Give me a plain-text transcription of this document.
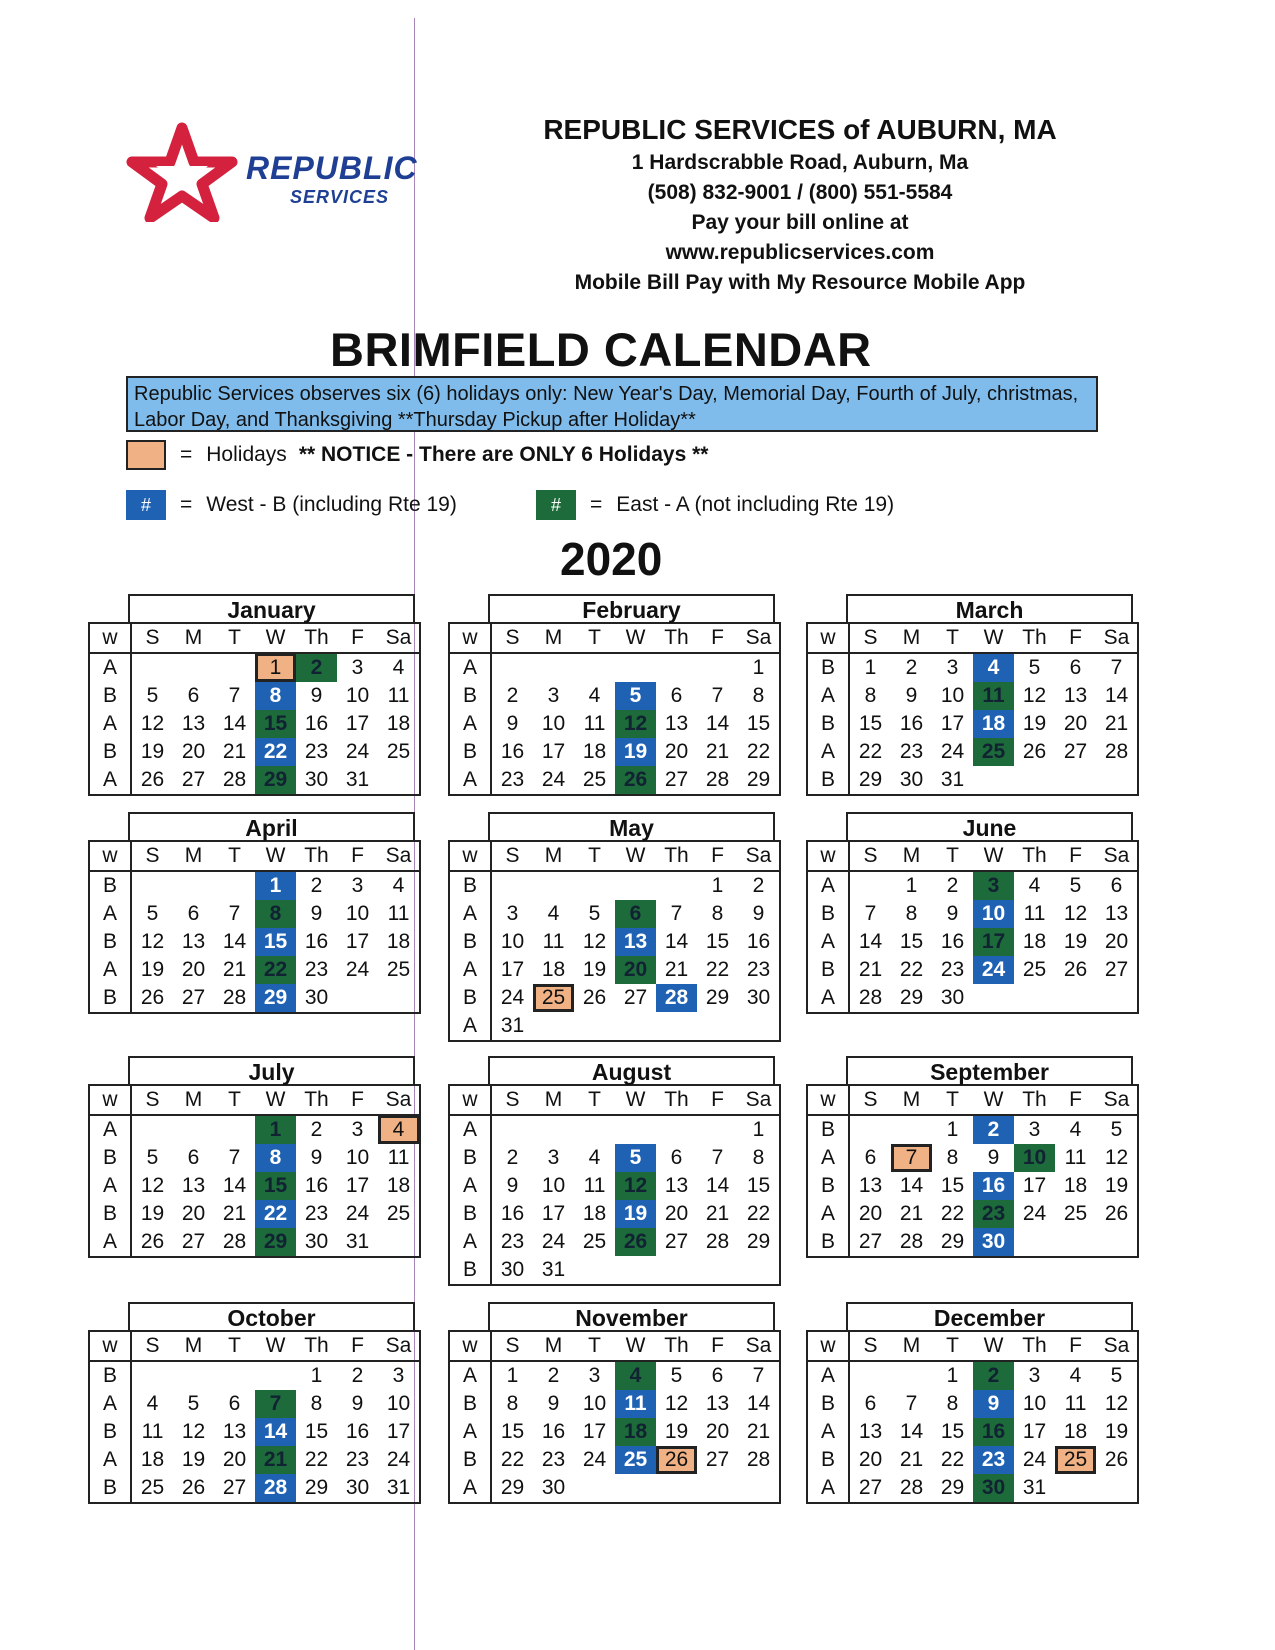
REPUBLIC
SERVICES
REPUBLIC SERVICES of AUBURN, MA
1 Hardscrabble Road, Auburn, Ma
(508) 832-9001 / (800) 551-5584
Pay your bill online at
www.republicservices.com
Mobile Bill Pay with My Resource Mobile App
BRIMFIELD CALENDAR
Republic Services observes six (6) holidays only: New Year's Day, Memorial Day, Fourth of July, christmas, Labor Day, and Thanksgiving **Thursday Pickup after Holiday**
= Holidays ** NOTICE - There are ONLY 6 Holidays **
#	= West - B (including Rte 19)	#	= East - A (not including Rte 19)
2020
January
w	S	M	T	W	Th	F	Sa
A				1	2	3	4
B	5	6	7	8	9	10	11
A	12	13	14	15	16	17	18
B	19	20	21	22	23	24	25
A	26	27	28	29	30	31	
February
w	S	M	T	W	Th	F	Sa
A							1
B	2	3	4	5	6	7	8
A	9	10	11	12	13	14	15
B	16	17	18	19	20	21	22
A	23	24	25	26	27	28	29
March
w	S	M	T	W	Th	F	Sa
B	1	2	3	4	5	6	7
A	8	9	10	11	12	13	14
B	15	16	17	18	19	20	21
A	22	23	24	25	26	27	28
B	29	30	31				
April
w	S	M	T	W	Th	F	Sa
B				1	2	3	4
A	5	6	7	8	9	10	11
B	12	13	14	15	16	17	18
A	19	20	21	22	23	24	25
B	26	27	28	29	30		
May
w	S	M	T	W	Th	F	Sa
B						1	2
A	3	4	5	6	7	8	9
B	10	11	12	13	14	15	16
A	17	18	19	20	21	22	23
B	24	25	26	27	28	29	30
A	31						
June
w	S	M	T	W	Th	F	Sa
A		1	2	3	4	5	6
B	7	8	9	10	11	12	13
A	14	15	16	17	18	19	20
B	21	22	23	24	25	26	27
A	28	29	30				
July
w	S	M	T	W	Th	F	Sa
A				1	2	3	4
B	5	6	7	8	9	10	11
A	12	13	14	15	16	17	18
B	19	20	21	22	23	24	25
A	26	27	28	29	30	31	
August
w	S	M	T	W	Th	F	Sa
A							1
B	2	3	4	5	6	7	8
A	9	10	11	12	13	14	15
B	16	17	18	19	20	21	22
A	23	24	25	26	27	28	29
B	30	31					
September
w	S	M	T	W	Th	F	Sa
B			1	2	3	4	5
A	6	7	8	9	10	11	12
B	13	14	15	16	17	18	19
A	20	21	22	23	24	25	26
B	27	28	29	30			
October
w	S	M	T	W	Th	F	Sa
B					1	2	3
A	4	5	6	7	8	9	10
B	11	12	13	14	15	16	17
A	18	19	20	21	22	23	24
B	25	26	27	28	29	30	31
November
w	S	M	T	W	Th	F	Sa
A	1	2	3	4	5	6	7
B	8	9	10	11	12	13	14
A	15	16	17	18	19	20	21
B	22	23	24	25	26	27	28
A	29	30					
December
w	S	M	T	W	Th	F	Sa
A			1	2	3	4	5
B	6	7	8	9	10	11	12
A	13	14	15	16	17	18	19
B	20	21	22	23	24	25	26
A	27	28	29	30	31		
